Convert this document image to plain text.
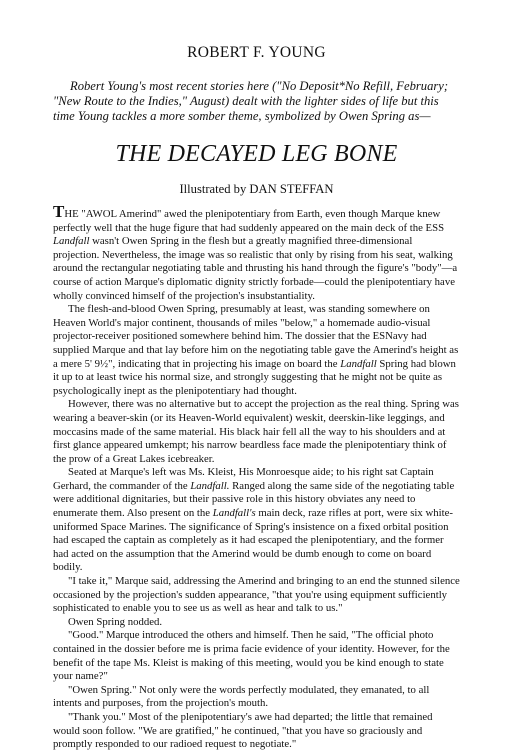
ROBERT F. YOUNG
Robert Young's most recent stories here ("No Deposit*No Refill, February; "New Route to the Indies," August) dealt with the lighter sides of life but this time Young tackles a more somber theme, symbolized by Owen Spring as—
THE DECAYED LEG BONE
Illustrated by DAN STEFFAN

THE "AWOL Amerind" awed the plenipotentiary from Earth, even though Marque knew perfectly well that the huge figure that had suddenly appeared on the main deck of the ESS Landfall wasn't Owen Spring in the flesh but a greatly magnified three-dimensional projection. Nevertheless, the image was so realistic that only by rising from his seat, walking around the rectangular negotiating table and thrusting his hand through the figure's "body"—a course of action Marque's diplomatic dignity strictly forbade—could the plenipotentiary have wholly convinced himself of the projection's insubstantiality.

The flesh-and-blood Owen Spring, presumably at least, was standing somewhere on Heaven World's major continent, thousands of miles "below," a homemade audio-visual projector-receiver positioned somewhere behind him. The dossier that the ESNavy had supplied Marque and that lay before him on the negotiating table gave the Amerind's height as a mere 5' 9½", indicating that in projecting his image on board the Landfall Spring had blown it up to at least twice his normal size, and strongly suggesting that he might not be quite as psychologically inept as the plenipotentiary had thought.

However, there was no alternative but to accept the projection as the real thing. Spring was wearing a beaver-skin (or its Heaven-World equivalent) weskit, deerskin-like leggings, and moccasins made of the same material. His black hair fell all the way to his shoulders and at first glance appeared umkempt; his narrow beardless face made the plenipotentiary think of the prow of a Great Lakes icebreaker.

Seated at Marque's left was Ms. Kleist, His Monroesque aide; to his right sat Captain Gerhard, the commander of the Landfall. Ranged along the same side of the negotiating table were additional dignitaries, but their passive role in this history obviates any need to enumerate them. Also present on the Landfall's main deck, raze rifles at port, were six white-uniformed Space Marines. The significance of Spring's insistence on a fixed orbital position had escaped the captain as completely as it had escaped the plenipotentiary, and the former had acted on the assumption that the Amerind would be dumb enough to come on board bodily.

"I take it," Marque said, addressing the Amerind and bringing to an end the stunned silence occasioned by the projection's sudden appearance, "that you're using equipment sufficiently sophisticated to enable you to see us as well as hear and talk to us."

Owen Spring nodded.

"Good." Marque introduced the others and himself. Then he said, "The official photo contained in the dossier before me is prima facie evidence of your identity. However, for the benefit of the tape Ms. Kleist is making of this meeting, would you be kind enough to state your name?"

"Owen Spring." Not only were the words perfectly modulated, they emanated, to all intents and purposes, from the projection's mouth.

"Thank you." Most of the plenipotentiary's awe had departed; the little that remained would soon follow. "We are gratified," he continued, "that you have so graciously and promptly responded to our radioed request to negotiate."
